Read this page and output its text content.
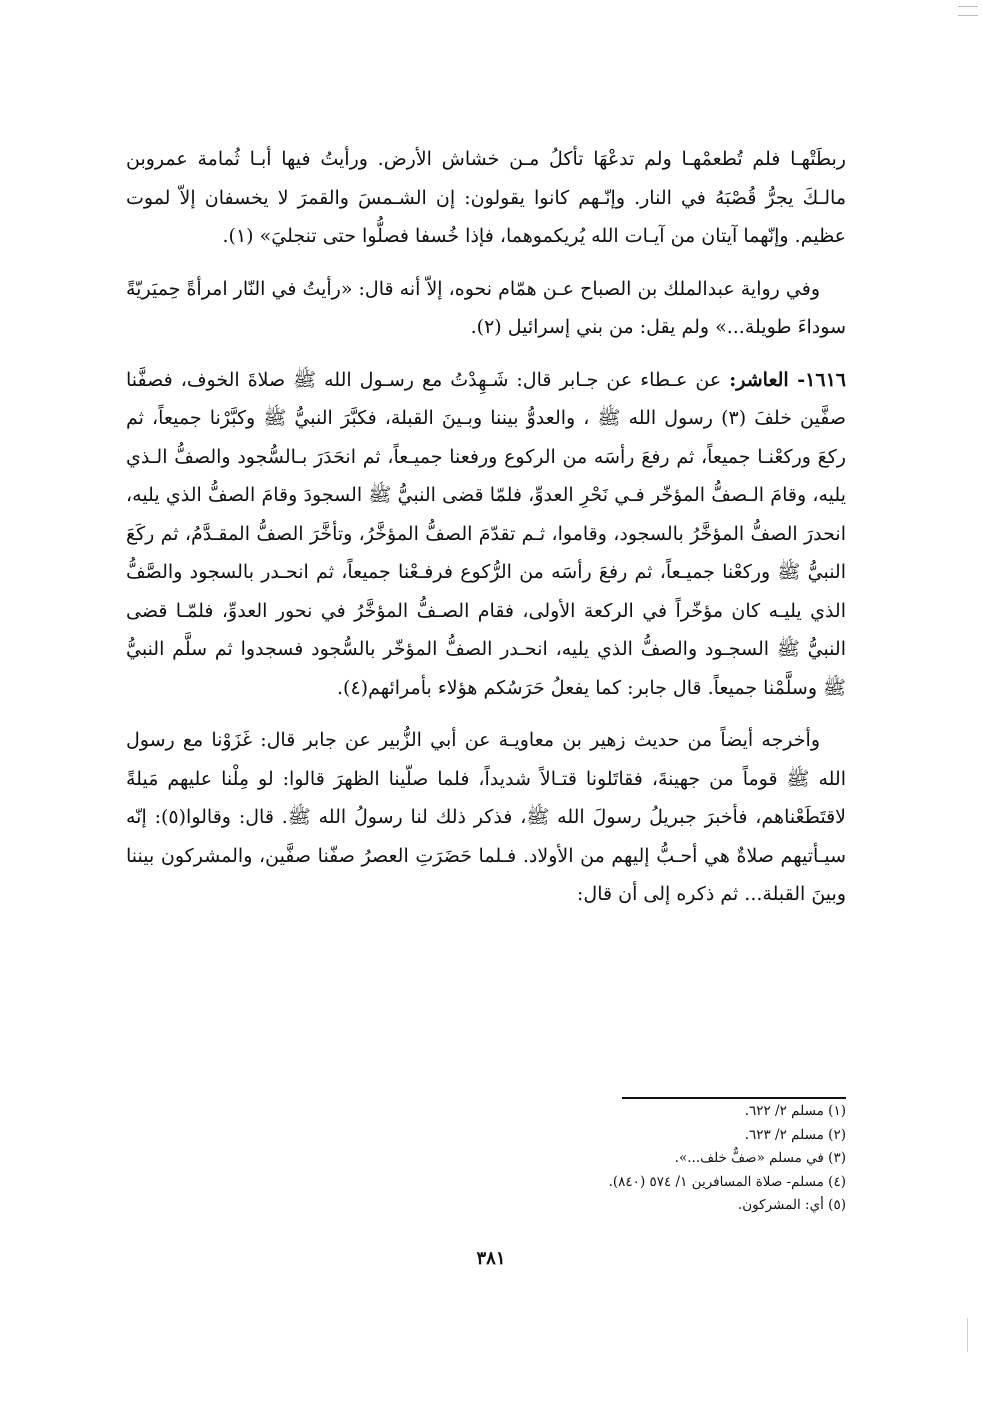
ربطَتْهـا فلم تُطعمْهـا ولم تدعْهَا تأكلُ مـن خشاش الأرض. ورأيتُ فيها أبـا ثُمامة عمروبن مالـكَ يجرُّ قُصْبَهُ في النار. وإنّـهم كانوا يقولون: إن الشـمسَ والقمرَ لا يخسفان إلاّ لموت عظيم. وإنّهما آيتان من آيـات الله يُريكموهما، فإذا خُسفا فصلُّوا حتى تنجليَ» (١).

وفي رواية عبدالملك بن الصباح عـن همّام نحوه، إلاّ أنه قال: «رأيتُ في النّار امرأةً حِميَريّةً سوداءَ طويلة...» ولم يقل: من بني إسرائيل (٢).

١٦١٦- العاشر: عن عـطاء عن جـابر قال: شَـهِدْتُ مع رسـول الله ﷺ صلاةَ الخوف، فصفَّنا صفَّين خلفَ (٣) رسول الله ﷺ ، والعدوُّ بيننا وبـينَ القبلة، فكبَّرَ النبيُّ ﷺ وكبَّرْنا جميعاً، ثم ركعَ وركعْنـا جميعاً، ثم رفعَ رأسَه من الركوع ورفعنا جميـعاً، ثم انحَدَرَ بـالسُّجود والصفُّ الـذي يليه، وقامَ الـصفُّ المؤخّر فـي نَحْرِ العدوِّ، فلمّا قضى النبيُّ ﷺ السجودَ وقامَ الصفُّ الذي يليه، انحدرَ الصفُّ المؤخَّرُ بالسجود، وقاموا، ثـم تقدّمَ الصفُّ المؤخَّرُ، وتأخَّرَ الصفُّ المقـدَّمُ، ثم ركَعَ النبيُّ ﷺ وركعْنا جميـعاً، ثم رفعَ رأسَه من الرُّكوع فرفـعْنا جميعاً، ثم انحـدر بالسجود والصَّفُّ الذي يليـه كان مؤخّراً في الركعة الأولى، فقام الصـفُّ المؤخَّرُ في نحور العدوِّ، فلمّـا قضى النبيُّ ﷺ السجـود والصفُّ الذي يليه، انحـدر الصفُّ المؤخّر بالسُّجود فسجدوا ثم سلَّم النبيُّ ﷺ وسلَّمْنا جميعاً. قال جابر: كما يفعلُ حَرَسُكم هؤلاء بأمرائهم(٤).

وأخرجه أيضاً من حديث زهير بن معاويـة عن أبي الزُّبير عن جابر قال: غَزَوْنا مع رسول الله ﷺ قوماً من جهينةَ، فقاتَلونا قتـالاً شديداً، فلما صلّينا الظهرَ قالوا: لو مِلْنا عليهم مَيلةً لاقتَطَعْناهم، فأخبرَ جبريلُ رسولَ الله ﷺ، فذكر ذلك لنا رسولُ الله ﷺ. قال: وقالوا(٥): إنّه سيـأتيهم صلاةٌ هي أحـبُّ إليهم من الأولاد. فـلما حَضَرَتِ العصرُ صفّنا صفَّين، والمشركون بيننا وبينَ القبلة... ثم ذكره إلى أن قال:

(١) مسلم ٢/ ٦٢٢.
(٢) مسلم ٢/ ٦٢٣.
(٣) في مسلم «صفٌّ خلف...».
(٤) مسلم- صلاة المسافرين ١/ ٥٧٤ (٨٤٠).
(٥) أي: المشركون.
٣٨١
